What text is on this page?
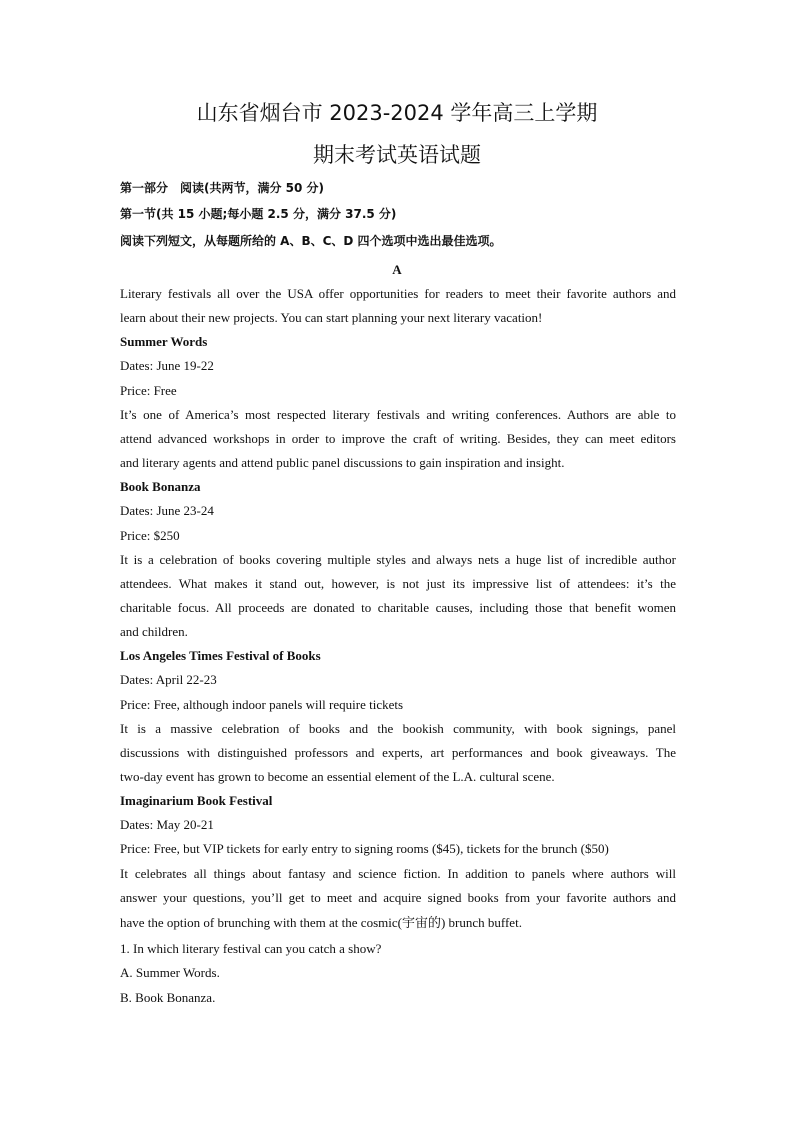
山东省烟台市 2023-2024 学年高三上学期
期末考试英语试题
第一部分　阅读(共两节，满分 50 分)
第一节(共 15 小题;每小题 2.5 分，满分 37.5 分)
阅读下列短文，从每题所给的 A、B、C、D 四个选项中选出最佳选项。
A
Literary festivals all over the USA offer opportunities for readers to meet their favorite authors and
learn about their new projects. You can start planning your next literary vacation!
Summer Words
Dates: June 19-22
Price: Free
It’s one of America’s most respected literary festivals and writing conferences. Authors are able to
attend advanced workshops in order to improve the craft of writing. Besides, they can meet editors
and literary agents and attend public panel discussions to gain inspiration and insight.
Book Bonanza
Dates: June 23-24
Price: $250
It is a celebration of books covering multiple styles and always nets a huge list of incredible author
attendees. What makes it stand out, however, is not just its impressive list of attendees: it’s the
charitable focus. All proceeds are donated to charitable causes, including those that benefit women
and children.
Los Angeles Times Festival of Books
Dates: April 22-23
Price: Free, although indoor panels will require tickets
It is a massive celebration of books and the bookish community, with book signings, panel
discussions with distinguished professors and experts, art performances and book giveaways. The
two-day event has grown to become an essential element of the L.A. cultural scene.
Imaginarium Book Festival
Dates: May 20-21
Price: Free, but VIP tickets for early entry to signing rooms ($45), tickets for the brunch ($50)
It celebrates all things about fantasy and science fiction. In addition to panels where authors will
answer your questions, you’ll get to meet and acquire signed books from your favorite authors and
have the option of brunching with them at the cosmic(宇宙的) brunch buffet.
1. In which literary festival can you catch a show?
A. Summer Words.
B. Book Bonanza.
